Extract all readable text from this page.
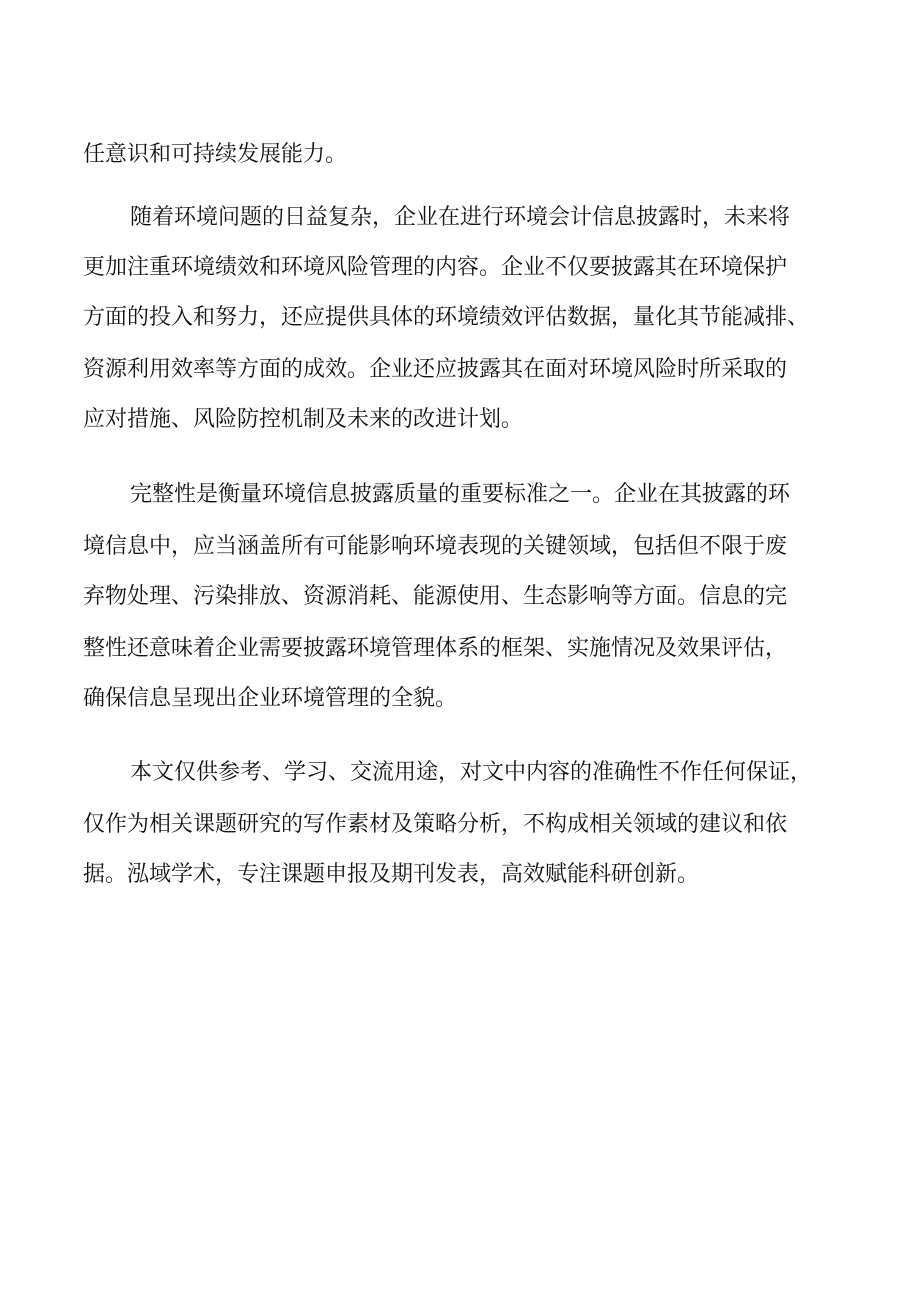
任意识和可持续发展能力。
随着环境问题的日益复杂，企业在进行环境会计信息披露时，未来将
更加注重环境绩效和环境风险管理的内容。企业不仅要披露其在环境保护
方面的投入和努力，还应提供具体的环境绩效评估数据，量化其节能减排、
资源利用效率等方面的成效。企业还应披露其在面对环境风险时所采取的
应对措施、风险防控机制及未来的改进计划。
完整性是衡量环境信息披露质量的重要标准之一。企业在其披露的环
境信息中，应当涵盖所有可能影响环境表现的关键领域，包括但不限于废
弃物处理、污染排放、资源消耗、能源使用、生态影响等方面。信息的完
整性还意味着企业需要披露环境管理体系的框架、实施情况及效果评估，
确保信息呈现出企业环境管理的全貌。
本文仅供参考、学习、交流用途，对文中内容的准确性不作任何保证，
仅作为相关课题研究的写作素材及策略分析，不构成相关领域的建议和依
据。泓域学术，专注课题申报及期刊发表，高效赋能科研创新。
